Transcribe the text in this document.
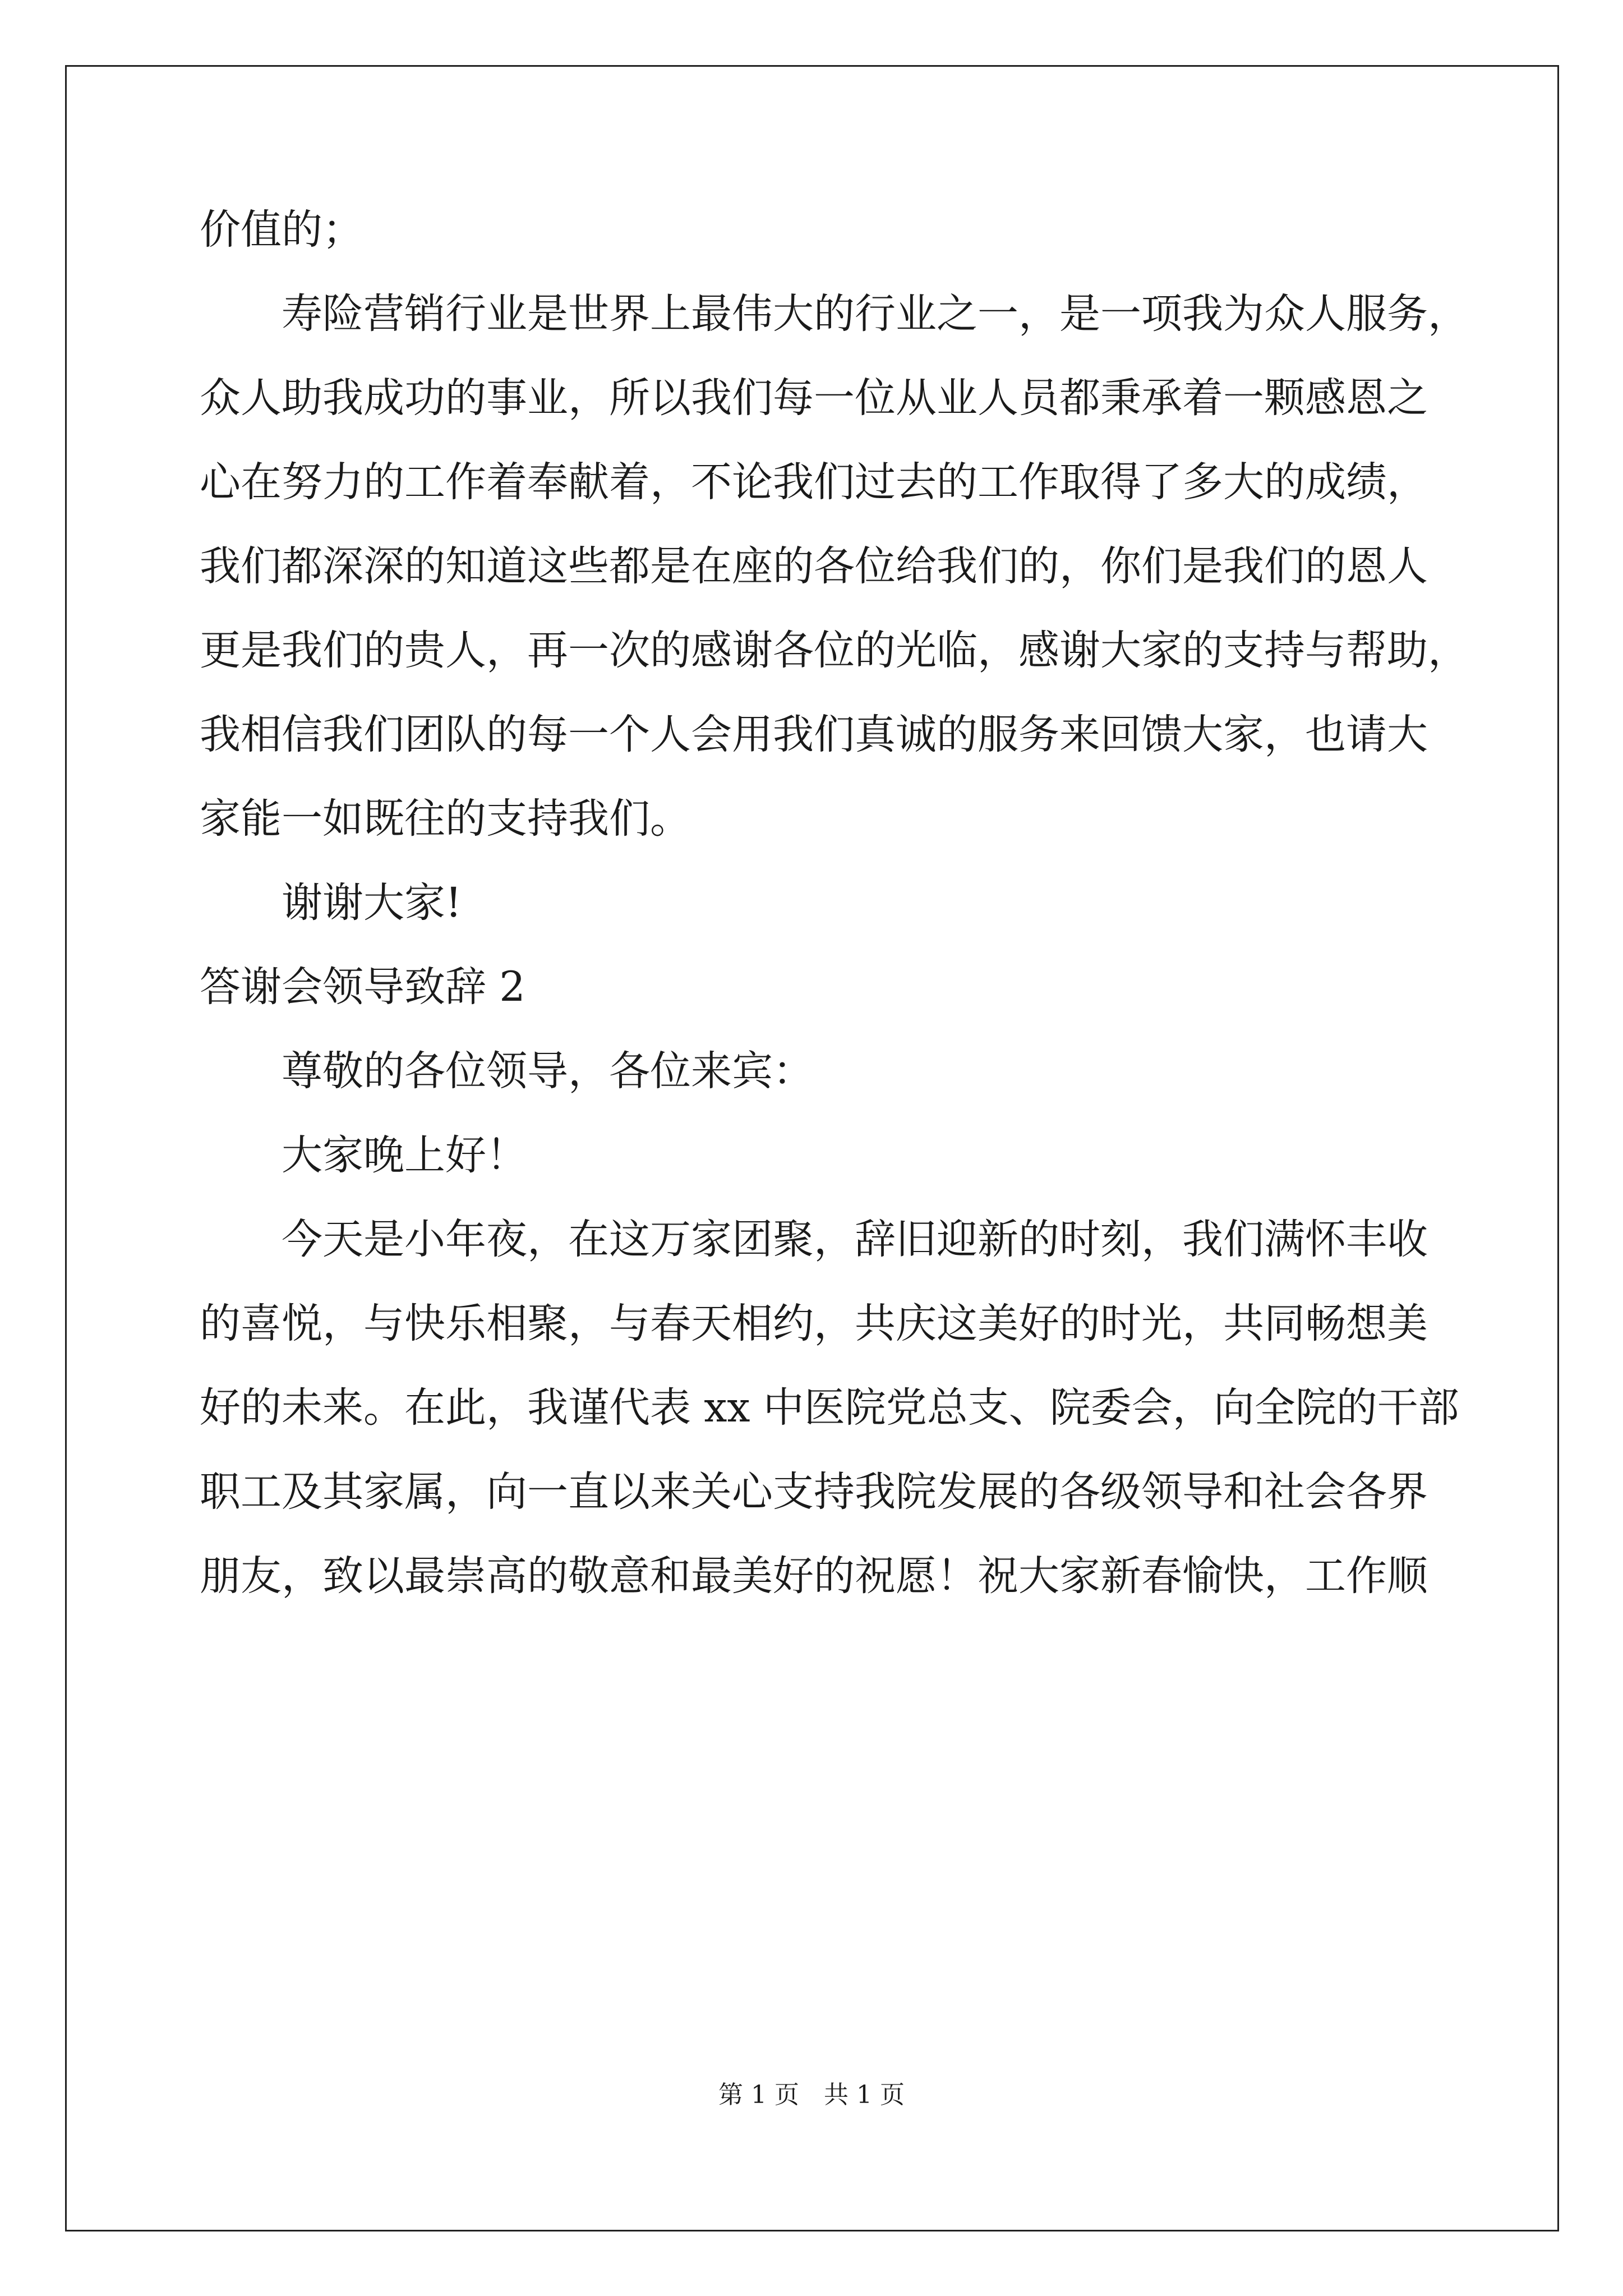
价值的；
寿险营销行业是世界上最伟大的行业之一，是一项我为众人服务，
众人助我成功的事业，所以我们每一位从业人员都秉承着一颗感恩之
心在努力的工作着奉献着，不论我们过去的工作取得了多大的成绩，
我们都深深的知道这些都是在座的各位给我们的，你们是我们的恩人
更是我们的贵人，再一次的感谢各位的光临，感谢大家的支持与帮助，
我相信我们团队的每一个人会用我们真诚的服务来回馈大家，也请大
家能一如既往的支持我们。
谢谢大家!
答谢会领导致辞 2
尊敬的各位领导，各位来宾：
大家晚上好！
今天是小年夜，在这万家团聚，辞旧迎新的时刻，我们满怀丰收
的喜悦，与快乐相聚，与春天相约，共庆这美好的时光，共同畅想美
好的未来。在此，我谨代表 xx 中医院党总支、院委会，向全院的干部
职工及其家属，向一直以来关心支持我院发展的各级领导和社会各界
朋友，致以最崇高的敬意和最美好的祝愿！祝大家新春愉快，工作顺
第 1 页　共 1 页
